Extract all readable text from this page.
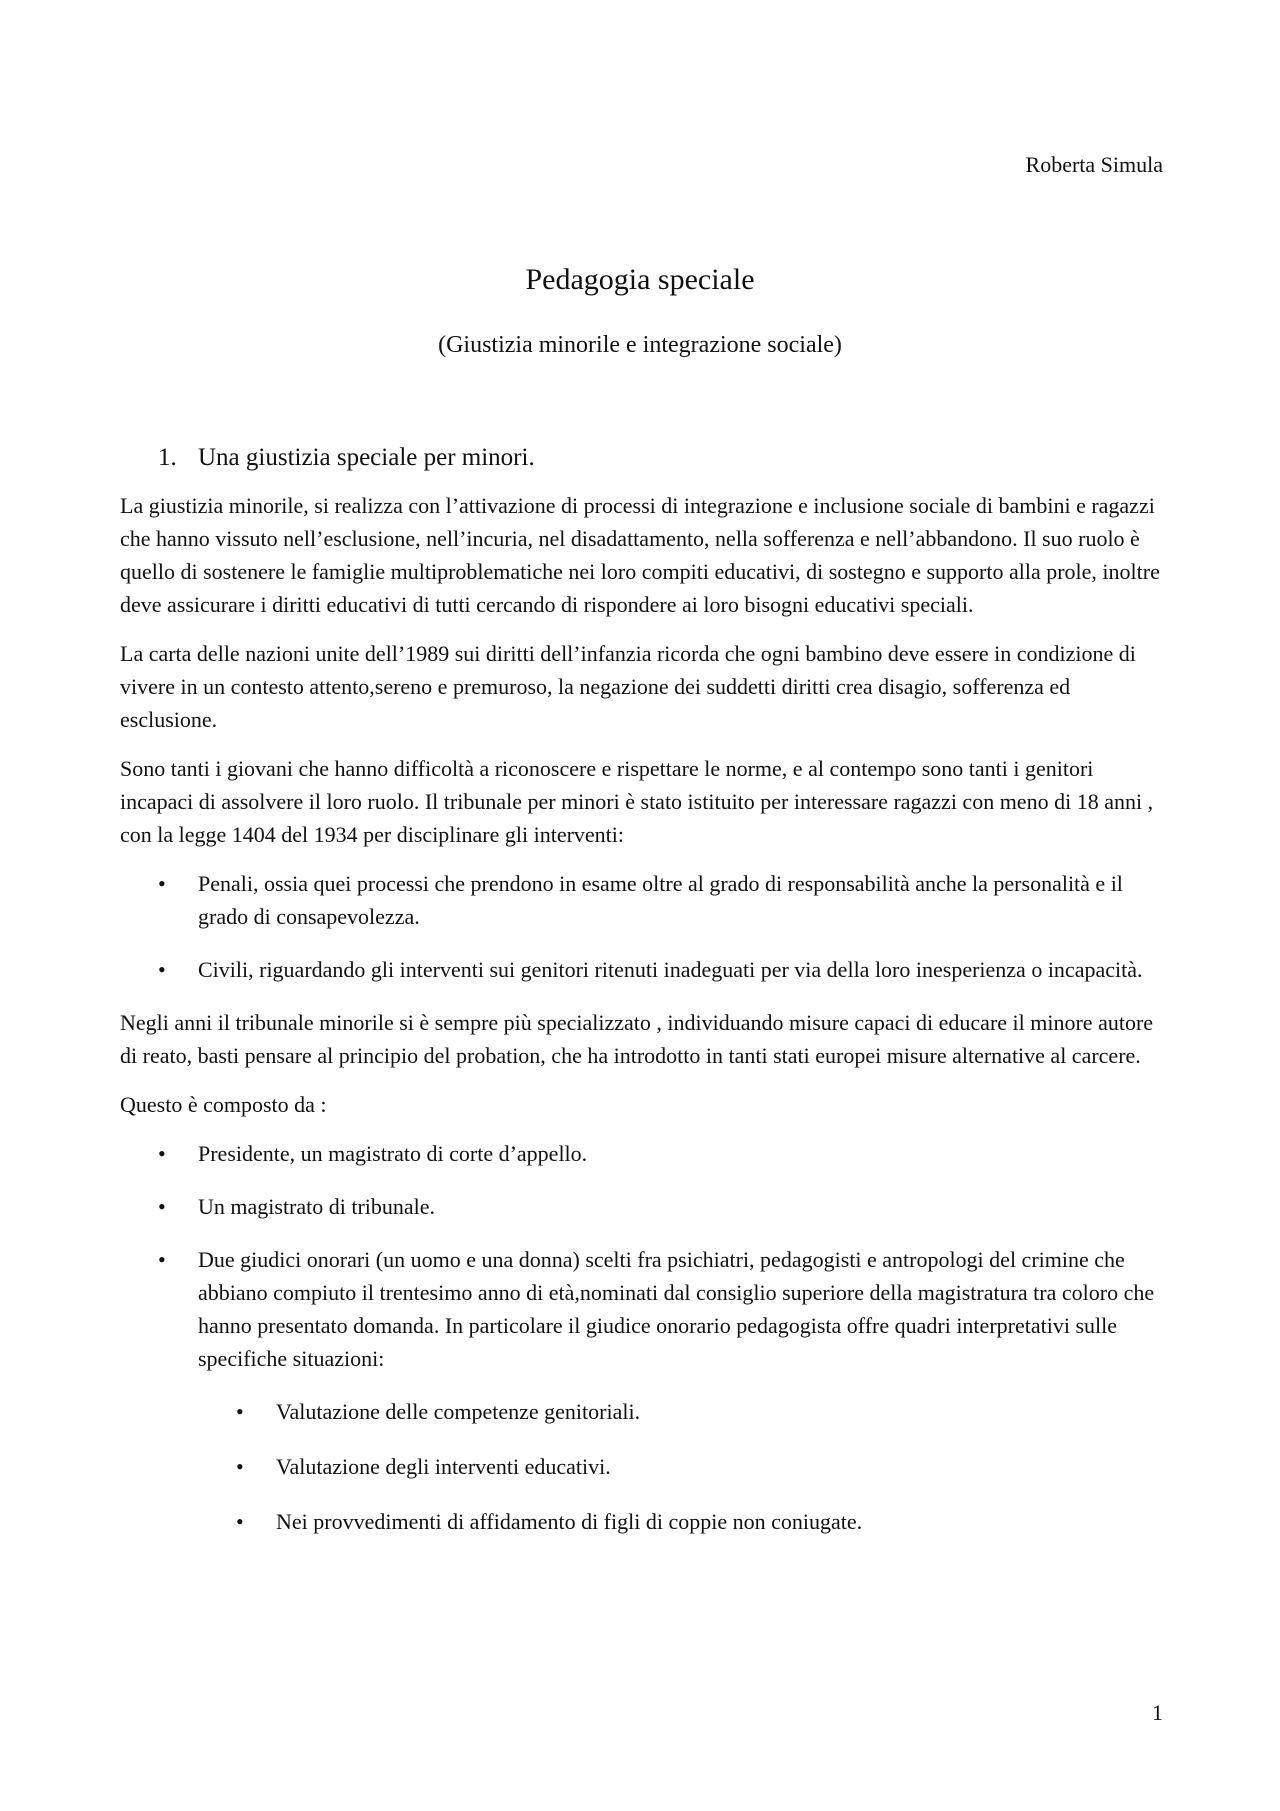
Roberta Simula
Pedagogia speciale
(Giustizia minorile e integrazione sociale)
1. Una giustizia speciale per minori.

La giustizia minorile, si realizza con l’attivazione di processi di integrazione e inclusione sociale di bambini e ragazzi che hanno vissuto nell’esclusione, nell’incuria, nel disadattamento, nella sofferenza e nell’abbandono. Il suo ruolo è quello di sostenere le famiglie multiproblematiche nei loro compiti educativi, di sostegno e supporto alla prole, inoltre deve assicurare i diritti educativi di tutti cercando di rispondere ai loro bisogni educativi speciali.

La carta delle nazioni unite dell’1989 sui diritti dell’infanzia ricorda che ogni bambino deve essere in condizione di vivere in un contesto attento,sereno e premuroso, la negazione dei suddetti diritti crea disagio, sofferenza ed esclusione.

Sono tanti i giovani che hanno difficoltà a riconoscere e rispettare le norme, e al contempo sono tanti i genitori incapaci di assolvere il loro ruolo. Il tribunale per minori è stato istituito per interessare ragazzi con meno di 18 anni , con la legge 1404 del 1934 per disciplinare gli interventi:

• Penali, ossia quei processi che prendono in esame oltre al grado di responsabilità anche la personalità e il grado di consapevolezza.
• Civili, riguardando gli interventi sui genitori ritenuti inadeguati per via della loro inesperienza o incapacità.

Negli anni il tribunale minorile si è sempre più specializzato , individuando misure capaci di educare il minore autore di reato, basti pensare al principio del probation, che ha introdotto in tanti stati europei misure alternative al carcere.

Questo è composto da :

• Presidente, un magistrato di corte d’appello.
• Un magistrato di tribunale.
• Due giudici onorari (un uomo e una donna) scelti fra psichiatri, pedagogisti e antropologi del crimine che abbiano compiuto il trentesimo anno di età,nominati dal consiglio superiore della magistratura tra coloro che hanno presentato domanda. In particolare il giudice onorario pedagogista offre quadri interpretativi sulle specifiche situazioni:
• Valutazione delle competenze genitoriali.
• Valutazione degli interventi educativi.
• Nei provvedimenti di affidamento di figli di coppie non coniugate.
1
